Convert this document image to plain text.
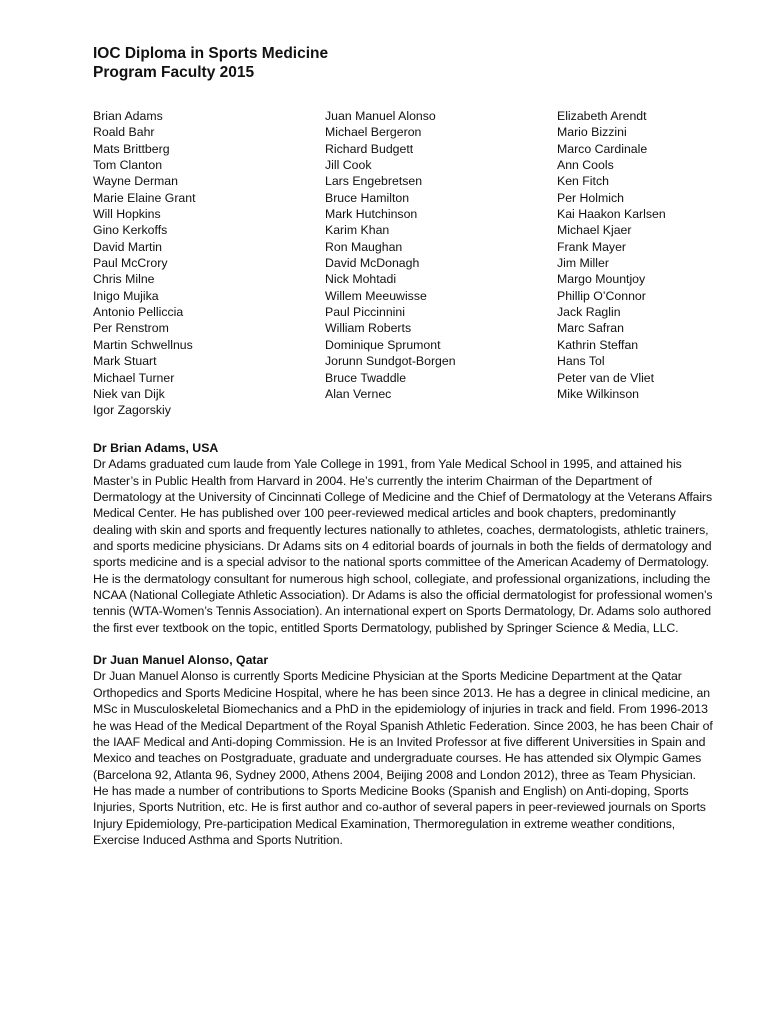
IOC Diploma in Sports Medicine
Program Faculty 2015
Brian Adams
Roald Bahr
Mats Brittberg
Tom Clanton
Wayne Derman
Marie Elaine Grant
Will Hopkins
Gino Kerkoffs
David Martin
Paul McCrory
Chris Milne
Inigo Mujika
Antonio Pelliccia
Per Renstrom
Martin Schwellnus
Mark Stuart
Michael Turner
Niek van Dijk
Igor Zagorskiy
Juan Manuel Alonso
Michael Bergeron
Richard Budgett
Jill Cook
Lars Engebretsen
Bruce Hamilton
Mark Hutchinson
Karim Khan
Ron Maughan
David McDonagh
Nick Mohtadi
Willem Meeuwisse
Paul Piccinnini
William Roberts
Dominique Sprumont
Jorunn Sundgot-Borgen
Bruce Twaddle
Alan Vernec
Elizabeth Arendt
Mario Bizzini
Marco Cardinale
Ann Cools
Ken Fitch
Per Holmich
Kai Haakon Karlsen
Michael Kjaer
Frank Mayer
Jim Miller
Margo Mountjoy
Phillip O’Connor
Jack Raglin
Marc Safran
Kathrin Steffan
Hans Tol
Peter van de Vliet
Mike Wilkinson
Dr Brian Adams, USA

Dr Adams graduated cum laude from Yale College in 1991, from Yale Medical School in 1995, and attained his Master’s in Public Health from Harvard in 2004. He’s currently the interim Chairman of the Department of Dermatology at the University of Cincinnati College of Medicine and the Chief of Dermatology at the Veterans Affairs Medical Center. He has published over 100 peer-reviewed medical articles and book chapters, predominantly dealing with skin and sports and frequently lectures nationally to athletes, coaches, dermatologists, athletic trainers, and sports medicine physicians. Dr Adams sits on 4 editorial boards of journals in both the fields of dermatology and sports medicine and is a special advisor to the national sports committee of the American Academy of Dermatology. He is the dermatology consultant for numerous high school, collegiate, and professional organizations, including the NCAA (National Collegiate Athletic Association). Dr Adams is also the official dermatologist for professional women’s tennis (WTA-Women’s Tennis Association). An international expert on Sports Dermatology, Dr. Adams solo authored the first ever textbook on the topic, entitled Sports Dermatology, published by Springer Science & Media, LLC.

Dr Juan Manuel Alonso, Qatar

Dr Juan Manuel Alonso is currently Sports Medicine Physician at the Sports Medicine Department at the Qatar Orthopedics and Sports Medicine Hospital, where he has been since 2013. He has a degree in clinical medicine, an MSc in Musculoskeletal Biomechanics and a PhD in the epidemiology of injuries in track and field. From 1996-2013 he was Head of the Medical Department of the Royal Spanish Athletic Federation. Since 2003, he has been Chair of the IAAF Medical and Anti-doping Commission. He is an Invited Professor at five different Universities in Spain and Mexico and teaches on Postgraduate, graduate and undergraduate courses. He has attended six Olympic Games (Barcelona 92, Atlanta 96, Sydney 2000, Athens 2004, Beijing 2008 and London 2012), three as Team Physician. He has made a number of contributions to Sports Medicine Books (Spanish and English) on Anti-doping, Sports Injuries, Sports Nutrition, etc. He is first author and co-author of several papers in peer-reviewed journals on Sports Injury Epidemiology, Pre-participation Medical Examination, Thermoregulation in extreme weather conditions, Exercise Induced Asthma and Sports Nutrition.
